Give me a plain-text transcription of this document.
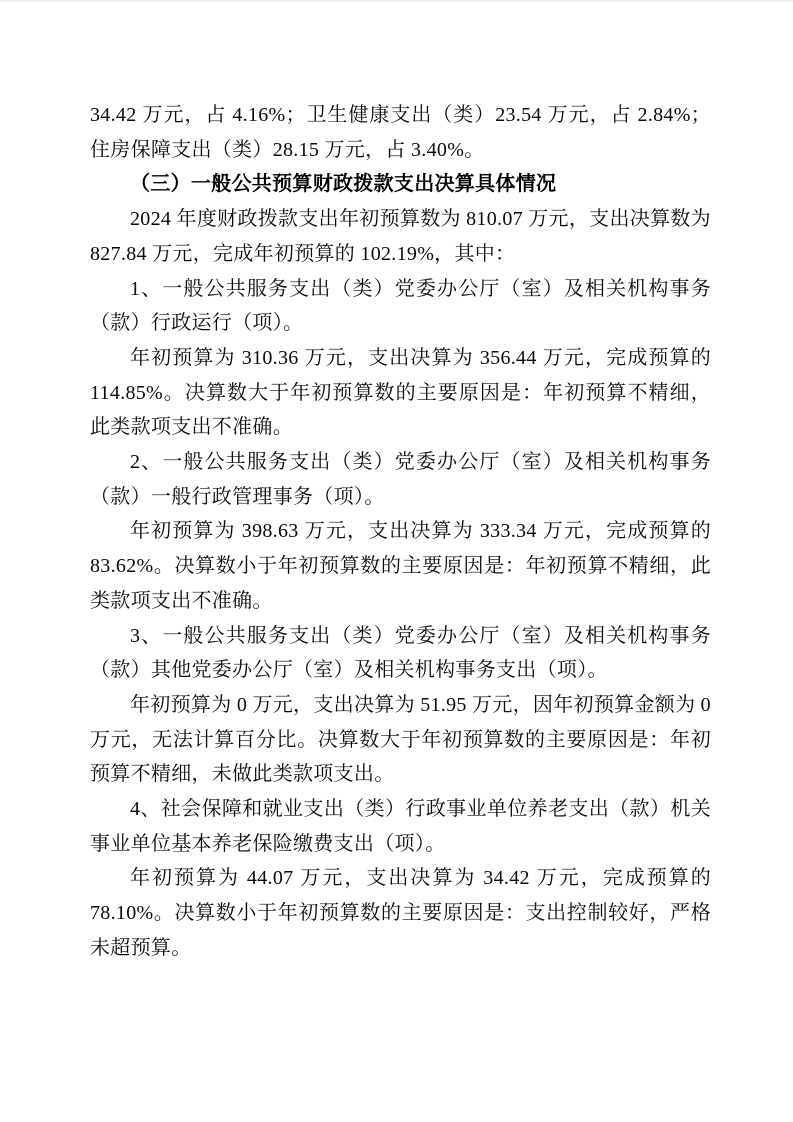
34.42 万元，占 4.16%；卫生健康支出（类）23.54 万元，占 2.84%；住房保障支出（类）28.15 万元，占 3.40%。

（三）一般公共预算财政拨款支出决算具体情况

2024 年度财政拨款支出年初预算数为 810.07 万元，支出决算数为 827.84 万元，完成年初预算的 102.19%，其中：

1、一般公共服务支出（类）党委办公厅（室）及相关机构事务（款）行政运行（项）。

年初预算为 310.36 万元，支出决算为 356.44 万元，完成预算的 114.85%。决算数大于年初预算数的主要原因是：年初预算不精细，此类款项支出不准确。

2、一般公共服务支出（类）党委办公厅（室）及相关机构事务（款）一般行政管理事务（项）。

年初预算为 398.63 万元，支出决算为 333.34 万元，完成预算的 83.62%。决算数小于年初预算数的主要原因是：年初预算不精细，此类款项支出不准确。

3、一般公共服务支出（类）党委办公厅（室）及相关机构事务（款）其他党委办公厅（室）及相关机构事务支出（项）。

年初预算为 0 万元，支出决算为 51.95 万元，因年初预算金额为 0 万元，无法计算百分比。决算数大于年初预算数的主要原因是：年初预算不精细，未做此类款项支出。

4、社会保障和就业支出（类）行政事业单位养老支出（款）机关事业单位基本养老保险缴费支出（项）。

年初预算为 44.07 万元，支出决算为 34.42 万元，完成预算的 78.10%。决算数小于年初预算数的主要原因是：支出控制较好，严格未超预算。
